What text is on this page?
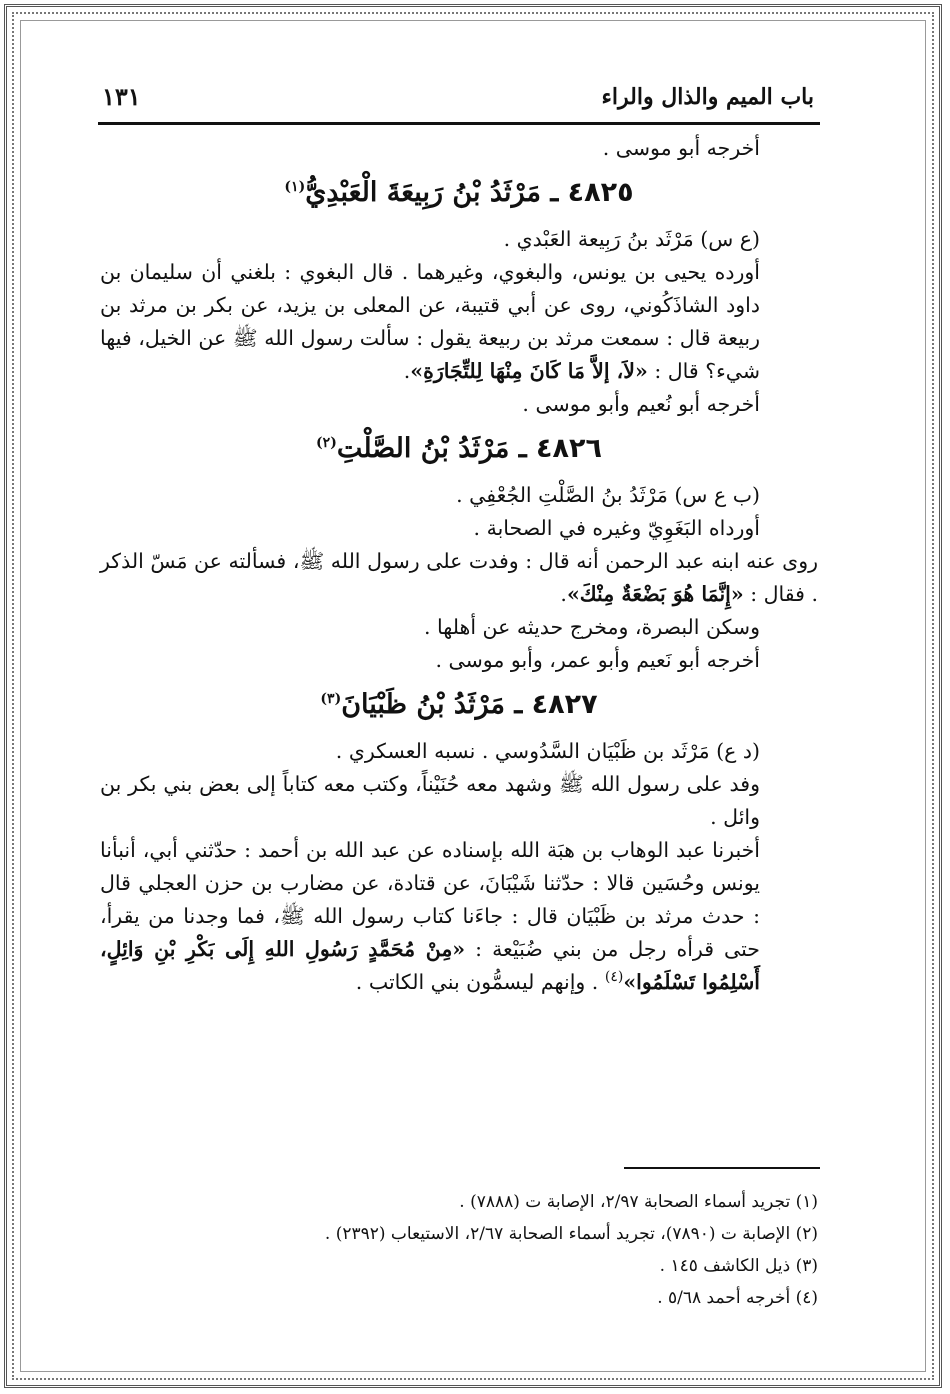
باب الميم والذال والراء
١٣١

أخرجه أبو موسى .

٤٨٢٥ ـ مَرْثَدُ بْنُ رَبِيعَةَ الْعَبْدِيُّ$^{(١)}$

(ع س) مَرْثَد بنُ رَبِيعة العَبْدي .

أورده يحيى بن يونس، والبغوي، وغيرهما . قال البغوي : بلغني أن سليمان بن داود الشاذَكُوني، روى عن أبي قتيبة، عن المعلى بن يزيد، عن بكر بن مرثد بن ربيعة قال : سمعت مرثد بن ربيعة يقول : سألت رسول الله ﷺ عن الخيل، فيها شيء؟ قال : «لاَ، إلاَّ مَا كَانَ مِنْهَا لِلتِّجَارَةِ».

أخرجه أبو نُعيم وأبو موسى .

٤٨٢٦ ـ مَرْثَدُ بْنُ الصَّلْتِ$^{(٢)}$

(ب ع س) مَرْثَدُ بنُ الصَّلْتِ الجُعْفِي .

أورداه البَغَوِيّ وغيره في الصحابة .

روى عنه ابنه عبد الرحمن أنه قال : وفدت على رسول الله ﷺ، فسألته عن مَسّ الذكر . فقال : «إِنَّمَا هُوَ بَضْعَةٌ مِنْكَ».

وسكن البصرة، ومخرج حديثه عن أهلها .

أخرجه أبو نَعيم وأبو عمر، وأبو موسى .

٤٨٢٧ ـ مَرْثَدُ بْنُ ظَبْيَانَ$^{(٣)}$

(د ع) مَرْثَد بن ظَبْيَان السَّدُوسي . نسبه العسكري .

وفد على رسول الله ﷺ وشهد معه حُنَيْناً، وكتب معه كتاباً إلى بعض بني بكر بن وائل .

أخبرنا عبد الوهاب بن هبَة الله بإسناده عن عبد الله بن أحمد : حدّثني أبي، أنبأنا يونس وحُسَين قالا : حدّثنا شَيْبَانَ، عن قتادة، عن مضارب بن حزن العجلي قال : حدث مرثد بن ظَبْيَان قال : جاءَنا كتاب رسول الله ﷺ، فما وجدنا من يقرأ، حتى قرأه رجل من بني ضُبَيْعة : «مِنْ مُحَمَّدٍ رَسُولِ اللهِ إِلَى بَكْرِ بْنِ وَائِلٍ، أَسْلِمُوا تَسْلَمُوا»$^{(٤)}$ . وإنهم ليسمُّون بني الكاتب .

(١) تجريد أسماء الصحابة ٢/٩٧، الإصابة ت (٧٨٨٨) .

(٢) الإصابة ت (٧٨٩٠)، تجريد أسماء الصحابة ٢/٦٧، الاستيعاب (٢٣٩٢) .

(٣) ذيل الكاشف ١٤٥ .

(٤) أخرجه أحمد ٥/٦٨ .
